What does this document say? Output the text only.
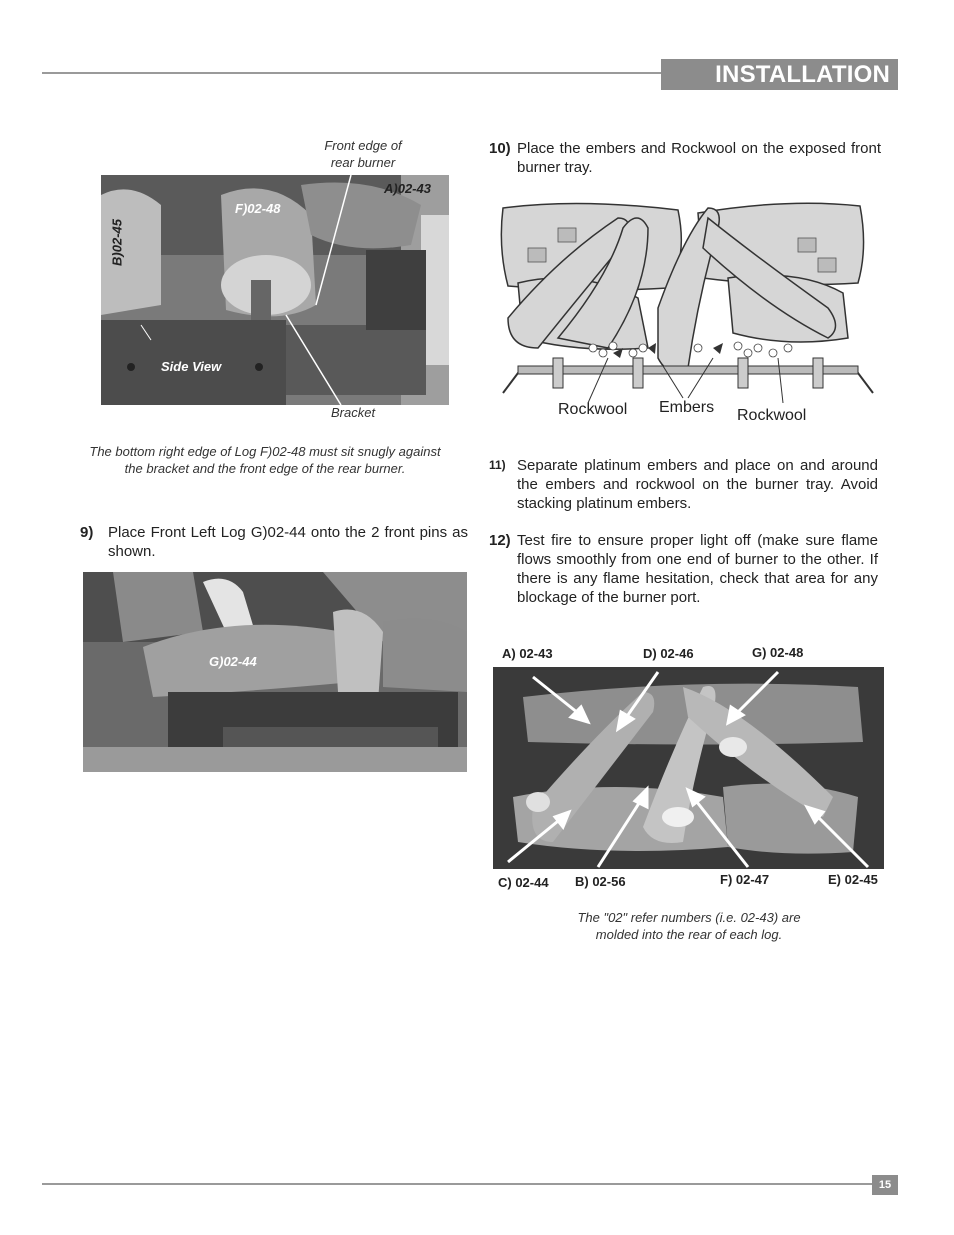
INSTALLATION
Front edge of
rear burner
F)02-48
A)02-43
B)02-45
Side View
Bracket
The bottom right edge of Log F)02-48 must sit snugly against
the bracket and the front edge of the rear burner.
9) Place Front Left Log G)02-44 onto the 2 front pins as shown.
G)02-44
10) Place the embers and Rockwool on the exposed front burner tray.
Rockwool Embers Rockwool
11) Separate platinum embers and place on and around the embers and rockwool on the burner tray. Avoid stacking platinum embers.
12) Test fire to ensure proper light off (make sure flame flows smoothly from one end of burner to the other. If there is any flame hesitation, check that area for any blockage of the burner port.
A) 02-43	D) 02-46	G) 02-48
C) 02-44 B) 02-56	F) 02-47	E) 02-45
The "02" refer numbers (i.e. 02-43) are
molded into the rear of each log.
15
